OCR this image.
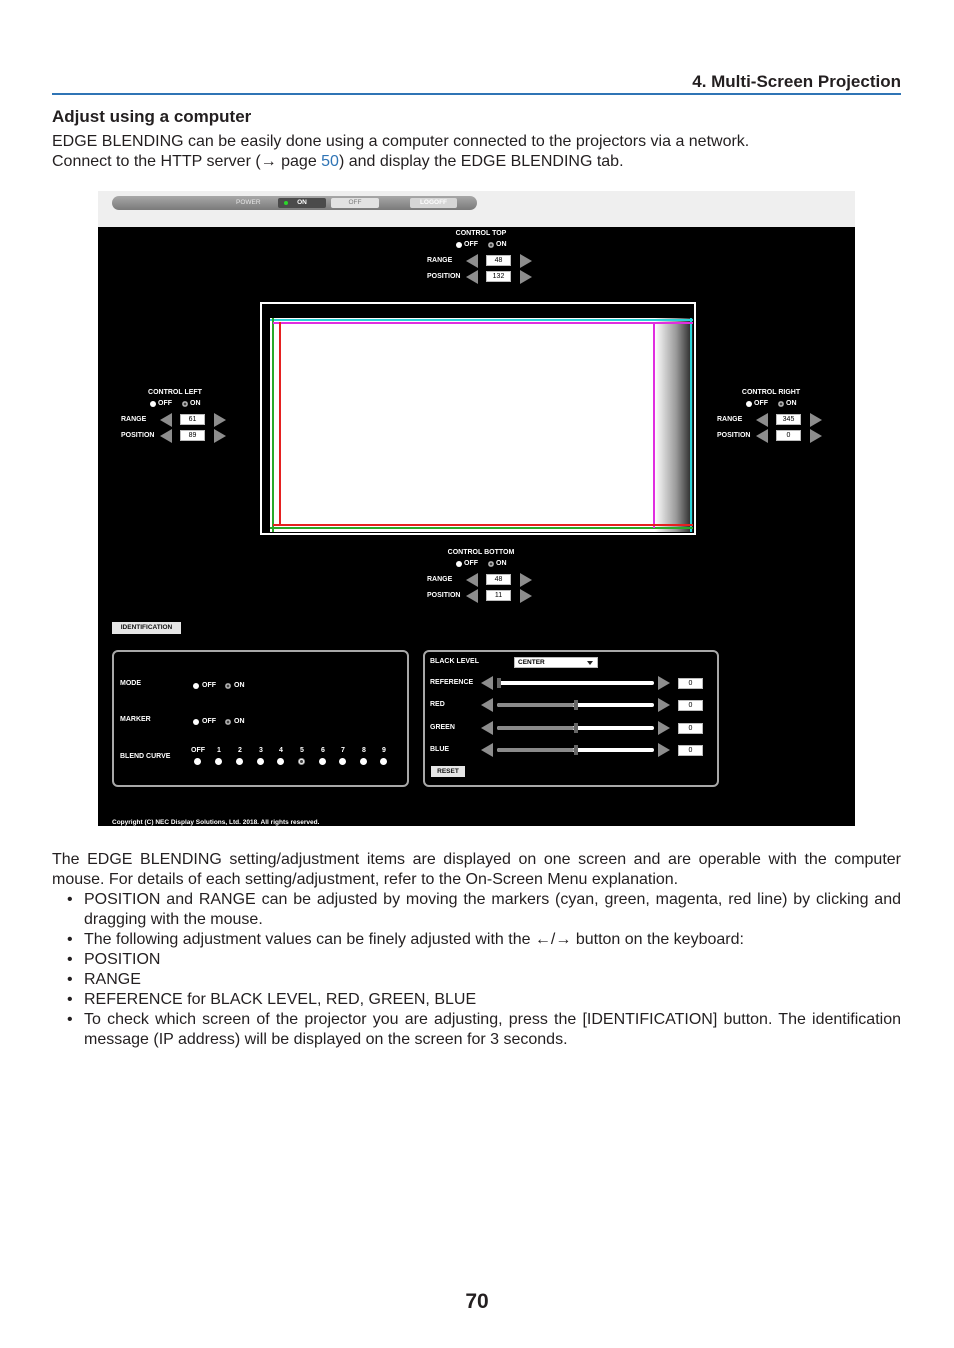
4. Multi-Screen Projection
Adjust using a computer
EDGE BLENDING can be easily done using a computer connected to the projectors via a network.
Connect to the HTTP server (→ page 50) and display the EDGE BLENDING tab.
POWER	ON	OFF	LOGOFF
CONTROL TOP
OFF	ON
RANGE	48
POSITION	132
CONTROL LEFT
OFF	ON
RANGE	61
POSITION	89
CONTROL RIGHT
OFF	ON
RANGE	345
POSITION	0
CONTROL BOTTOM
OFF	ON
RANGE	48
POSITION	11
IDENTIFICATION
MODE	OFF	ON
MARKER	OFF	ON
BLEND CURVE
OFF	1	2	3	4	5	6	7	8	9
BLACK LEVEL	CENTER
REFERENCE	0
RED	0
GREEN	0
BLUE	0
RESET
Copyright (C) NEC Display Solutions, Ltd. 2018. All rights reserved.

The EDGE BLENDING setting/adjustment items are displayed on one screen and are operable with the computer mouse. For details of each setting/adjustment, refer to the On-Screen Menu explanation.

• POSITION and RANGE can be adjusted by moving the markers (cyan, green, magenta, red line) by clicking and dragging with the mouse.
• The following adjustment values can be finely adjusted with the ←/→ button on the keyboard:
• POSITION
• RANGE
• REFERENCE for BLACK LEVEL, RED, GREEN, BLUE
• To check which screen of the projector you are adjusting, press the [IDENTIFICATION] button. The identification message (IP address) will be displayed on the screen for 3 seconds.
70
